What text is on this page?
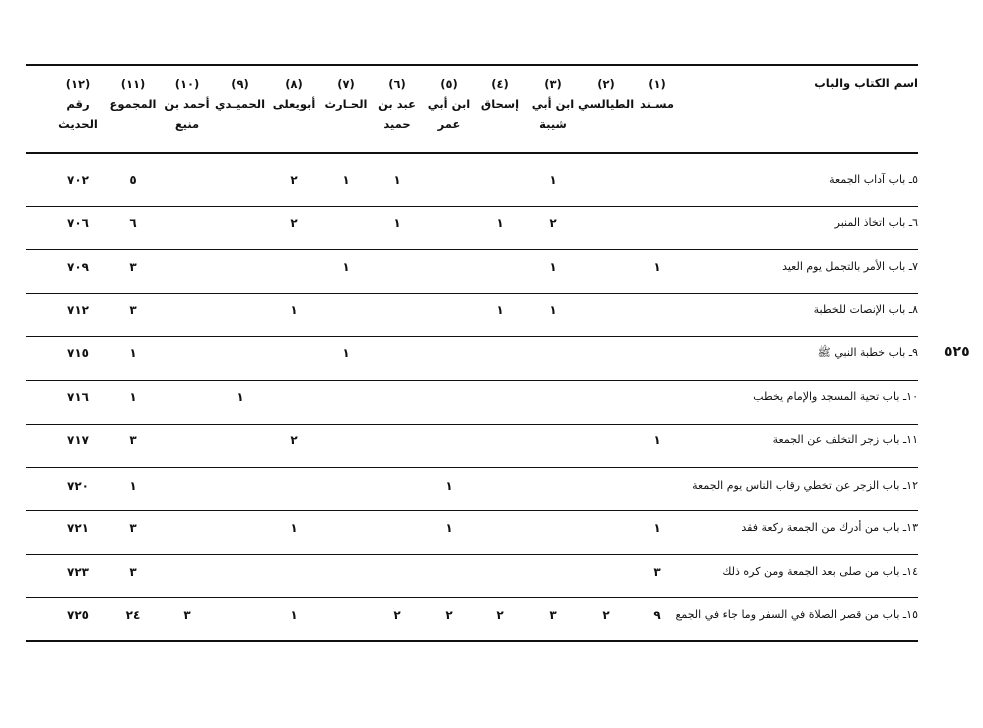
اسم الكتاب والباب
(١)
مسـند
(٢)
الطيالسي
(٣)
ابن أبي شيبة
(٤)
إسحاق
(٥)
ابن أبي عمر
(٦)
عبد بن حميد
(٧)
الحـارث
(٨)
أبويعلى
(٩)
الحميـدي
(١٠)
أحمد بن منيع
(١١)
المجموع
(١٢)
رقم الحديث
٥ـ باب آداب الجمعة
١
١
١
٢
٥
٧٠٢
٦ـ باب اتخاذ المنبر
٢
١
١
٢
٦
٧٠٦
٧ـ باب الأمر بالتجمل يوم العيد
١
١
١
٣
٧٠٩
٨ـ باب الإنصات للخطبة
١
١
١
٣
٧١٢
٩ـ باب خطبة النبي ﷺ
١
١
٧١٥
١٠ـ باب تحية المسجد والإمام يخطب
١
١
٧١٦
١١ـ باب زجر التخلف عن الجمعة
١
٢
٣
٧١٧
١٢ـ باب الزجر عن تخطي رقاب الناس يوم الجمعة
١
١
٧٢٠
١٣ـ باب من أدرك من الجمعة ركعة فقد
١
١
١
٣
٧٢١
١٤ـ باب من صلى بعد الجمعة ومن كره ذلك
٣
٣
٧٢٣
١٥ـ باب من قصر الصلاة في السفر وما جاء في الجمع
٩
٢
٣
٢
٢
٢
١
٣
٢٤
٧٢٥
٥٢٥
